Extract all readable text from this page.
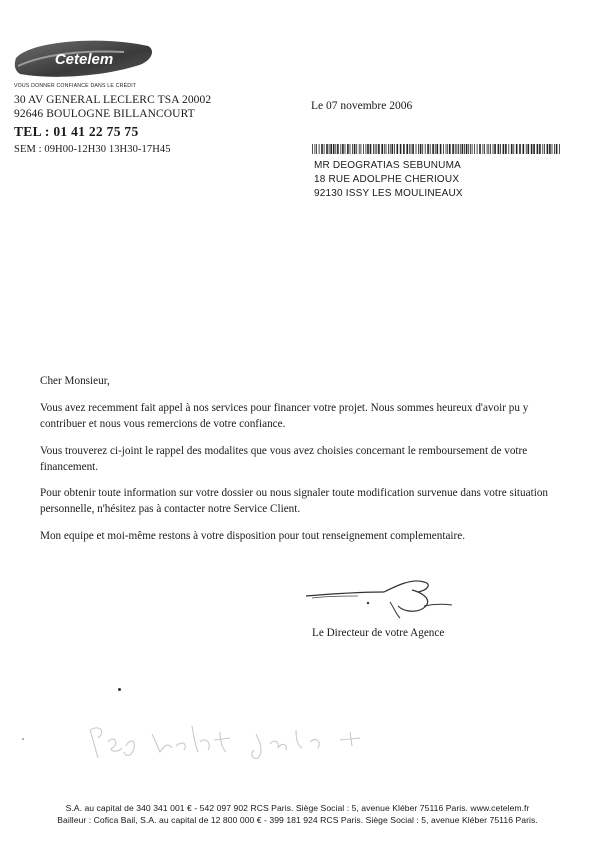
Cetelem
VOUS DONNER CONFIANCE DANS LE CRÉDIT
30 AV GENERAL LECLERC TSA 20002
92646 BOULOGNE BILLANCOURT
TEL : 01 41 22 75 75
SEM : 09H00-12H30 13H30-17H45
Le 07 novembre 2006
MR DEOGRATIAS SEBUNUMA
18 RUE ADOLPHE CHERIOUX
92130 ISSY LES MOULINEAUX
Cher Monsieur,
Vous avez recemment fait appel à nos services pour financer votre projet. Nous sommes heureux d'avoir pu y contribuer et nous vous remercions de votre confiance.
Vous trouverez ci-joint le rappel des modalites que vous avez choisies concernant le remboursement de votre financement.
Pour obtenir toute information sur votre dossier ou nous signaler toute modification survenue dans votre situation personnelle, n'hésitez pas à contacter notre Service Client.
Mon equipe et moi-même restons à votre disposition pour tout renseignement complementaire.
Le Directeur de votre Agence
S.A. au capital de 340 341 001 € - 542 097 902 RCS Paris. Siège Social : 5, avenue Kléber 75116 Paris. www.cetelem.fr
Bailleur : Cofica Bail, S.A. au capital de 12 800 000 € - 399 181 924 RCS Paris. Siège Social : 5, avenue Kléber 75116 Paris.
